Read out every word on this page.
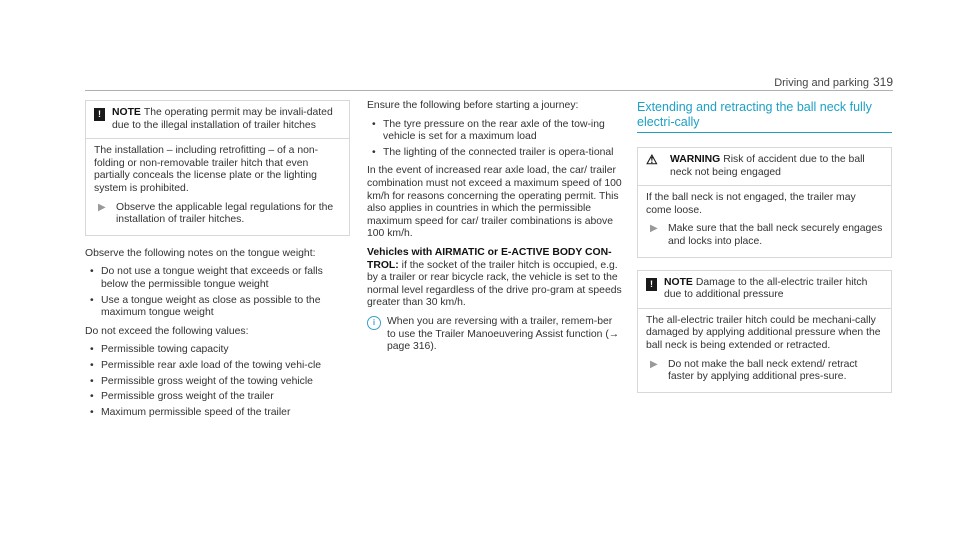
Driving and parking 319
!	NOTE The operating permit may be invali-dated due to the illegal installation of trailer hitches

The installation – including retrofitting – of a non-folding or non-removable trailer hitch that even partially conceals the license plate or the lighting system is prohibited.

▶ Observe the applicable legal regulations for the installation of trailer hitches.

Observe the following notes on the tongue weight:

• Do not use a tongue weight that exceeds or falls below the permissible tongue weight
• Use a tongue weight as close as possible to the maximum tongue weight

Do not exceed the following values:

• Permissible towing capacity
• Permissible rear axle load of the towing vehi-cle
• Permissible gross weight of the towing vehicle
• Permissible gross weight of the trailer
• Maximum permissible speed of the trailer

Ensure the following before starting a journey:

• The tyre pressure on the rear axle of the tow-ing vehicle is set for a maximum load
• The lighting of the connected trailer is opera-tional

In the event of increased rear axle load, the car/ trailer combination must not exceed a maximum speed of 100 km/h for reasons concerning the operating permit. This also applies in countries in which the permissible maximum speed for car/ trailer combinations is above 100 km/h.

Vehicles with AIRMATIC or E-ACTIVE BODY CON-TROL: if the socket of the trailer hitch is occupied, e.g. by a trailer or rear bicycle rack, the vehicle is set to the normal level regardless of the drive pro-gram at speeds greater than 30 km/h.

i	When you are reversing with a trailer, remem-ber to use the Trailer Manoeuvering Assist function (→ page 316).
Extending and retracting the ball neck fully electri-cally
⚠	WARNING Risk of accident due to the ball neck not being engaged

If the ball neck is not engaged, the trailer may come loose.

▶ Make sure that the ball neck securely engages and locks into place.
!	NOTE Damage to the all-electric trailer hitch due to additional pressure

The all-electric trailer hitch could be mechani-cally damaged by applying additional pressure when the ball neck is being extended or retracted.

▶ Do not make the ball neck extend/ retract faster by applying additional pres-sure.
